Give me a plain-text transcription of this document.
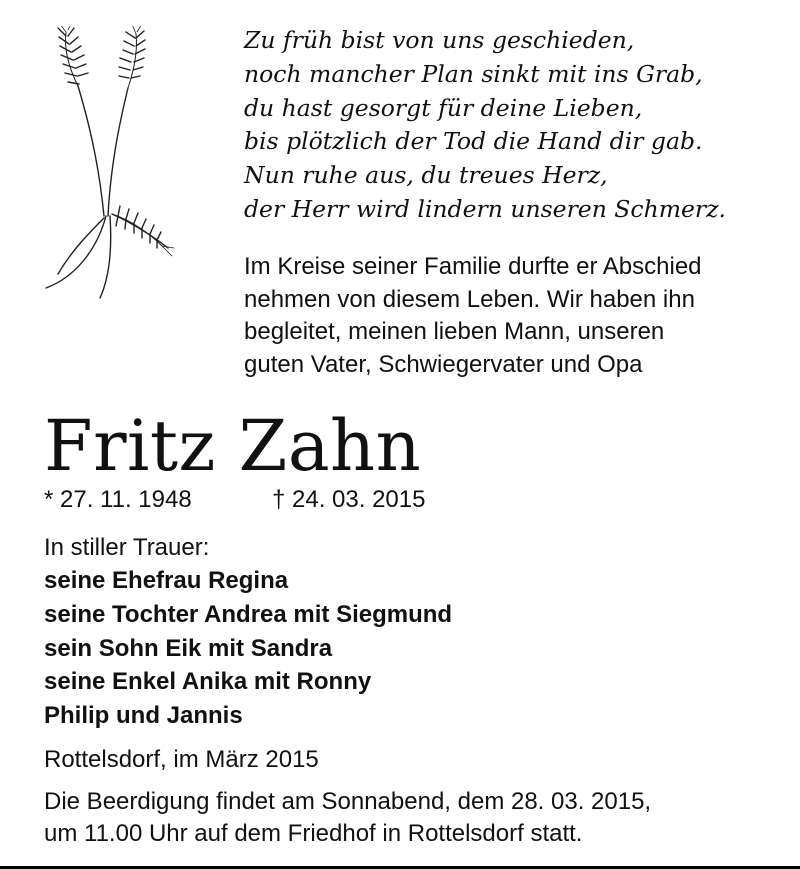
Zu früh bist von uns geschieden,
noch mancher Plan sinkt mit ins Grab,
du hast gesorgt für deine Lieben,
bis plötzlich der Tod die Hand dir gab.
Nun ruhe aus, du treues Herz,
der Herr wird lindern unseren Schmerz.

Im Kreise seiner Familie durfte er Abschied
nehmen von diesem Leben. Wir haben ihn
begleitet, meinen lieben Mann, unseren
guten Vater, Schwiegervater und Opa

Fritz Zahn
* 27. 11. 1948	† 24. 03. 2015
In stiller Trauer:
seine Ehefrau Regina
seine Tochter Andrea mit Siegmund
sein Sohn Eik mit Sandra
seine Enkel Anika mit Ronny
Philip und Jannis
Rottelsdorf, im März 2015

Die Beerdigung findet am Sonnabend, dem 28. 03. 2015,
um 11.00 Uhr auf dem Friedhof in Rottelsdorf statt.
